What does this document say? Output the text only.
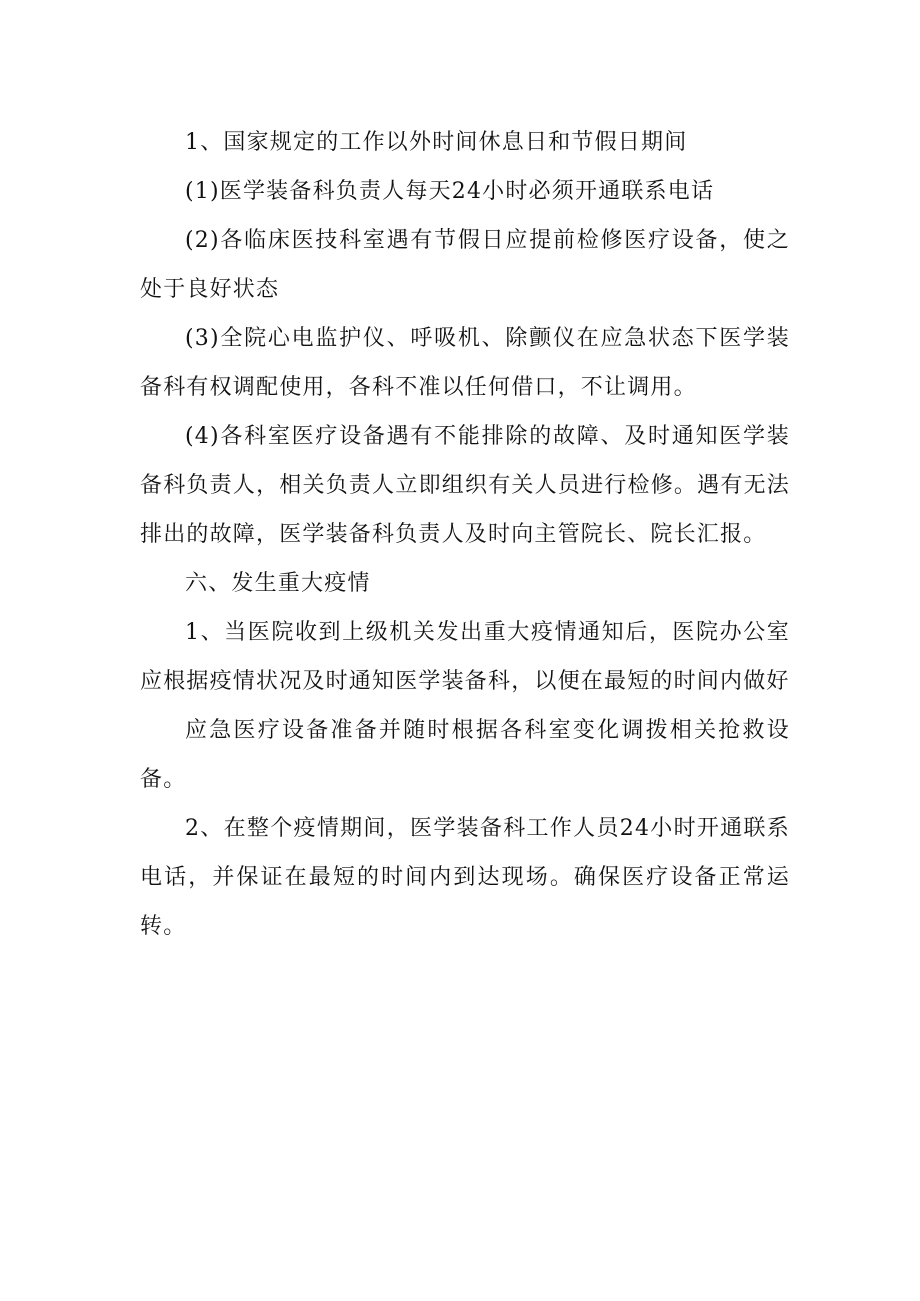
1、国家规定的工作以外时间休息日和节假日期间

(1)医学装备科负责人每天24小时必须开通联系电话

(2)各临床医技科室遇有节假日应提前检修医疗设备，使之处于良好状态

(3)全院心电监护仪、呼吸机、除颤仪在应急状态下医学装备科有权调配使用，各科不准以任何借口，不让调用。

(4)各科室医疗设备遇有不能排除的故障、及时通知医学装备科负责人，相关负责人立即组织有关人员进行检修。遇有无法排出的故障，医学装备科负责人及时向主管院长、院长汇报。

六、发生重大疫情

1、当医院收到上级机关发出重大疫情通知后，医院办公室应根据疫情状况及时通知医学装备科，以便在最短的时间内做好

应急医疗设备准备并随时根据各科室变化调拨相关抢救设备。

2、在整个疫情期间，医学装备科工作人员24小时开通联系电话，并保证在最短的时间内到达现场。确保医疗设备正常运转。
